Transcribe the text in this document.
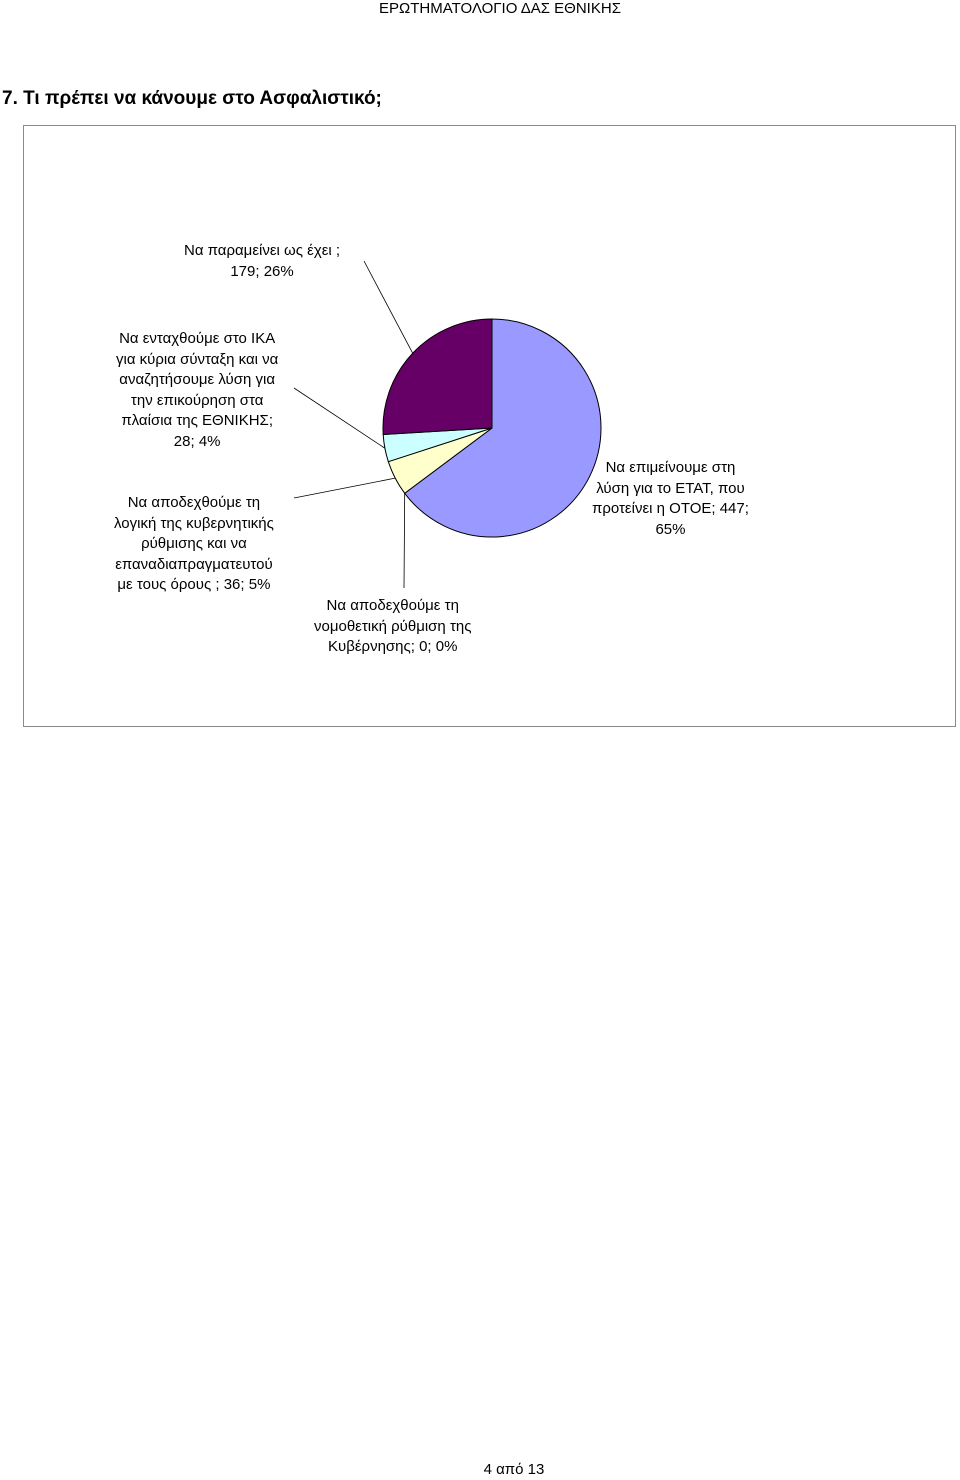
ΕΡΩΤΗΜΑΤΟΛΟΓΙΟ ΔΑΣ ΕΘΝΙΚΗΣ
7. Τι πρέπει να κάνουμε στο Ασφαλιστικό;
Να επιμείνουμε στη
λύση για το ΕΤΑΤ, που
προτείνει η ΟΤΟΕ; 447;
65%
Να αποδεχθούμε τη
νομοθετική ρύθμιση της
Κυβέρνησης; 0; 0%
Να αποδεχθούμε τη
λογική της κυβερνητικής
ρύθμισης και να
επαναδιαπραγματευτού
με τους όρους ; 36; 5%
Να ενταχθούμε στο ΙΚΑ
για κύρια σύνταξη και να
αναζητήσουμε λύση για
την επικούρηση στα
πλαίσια της ΕΘΝΙΚΗΣ;
28; 4%
Να παραμείνει ως έχει ;
179; 26%
4 από 13
